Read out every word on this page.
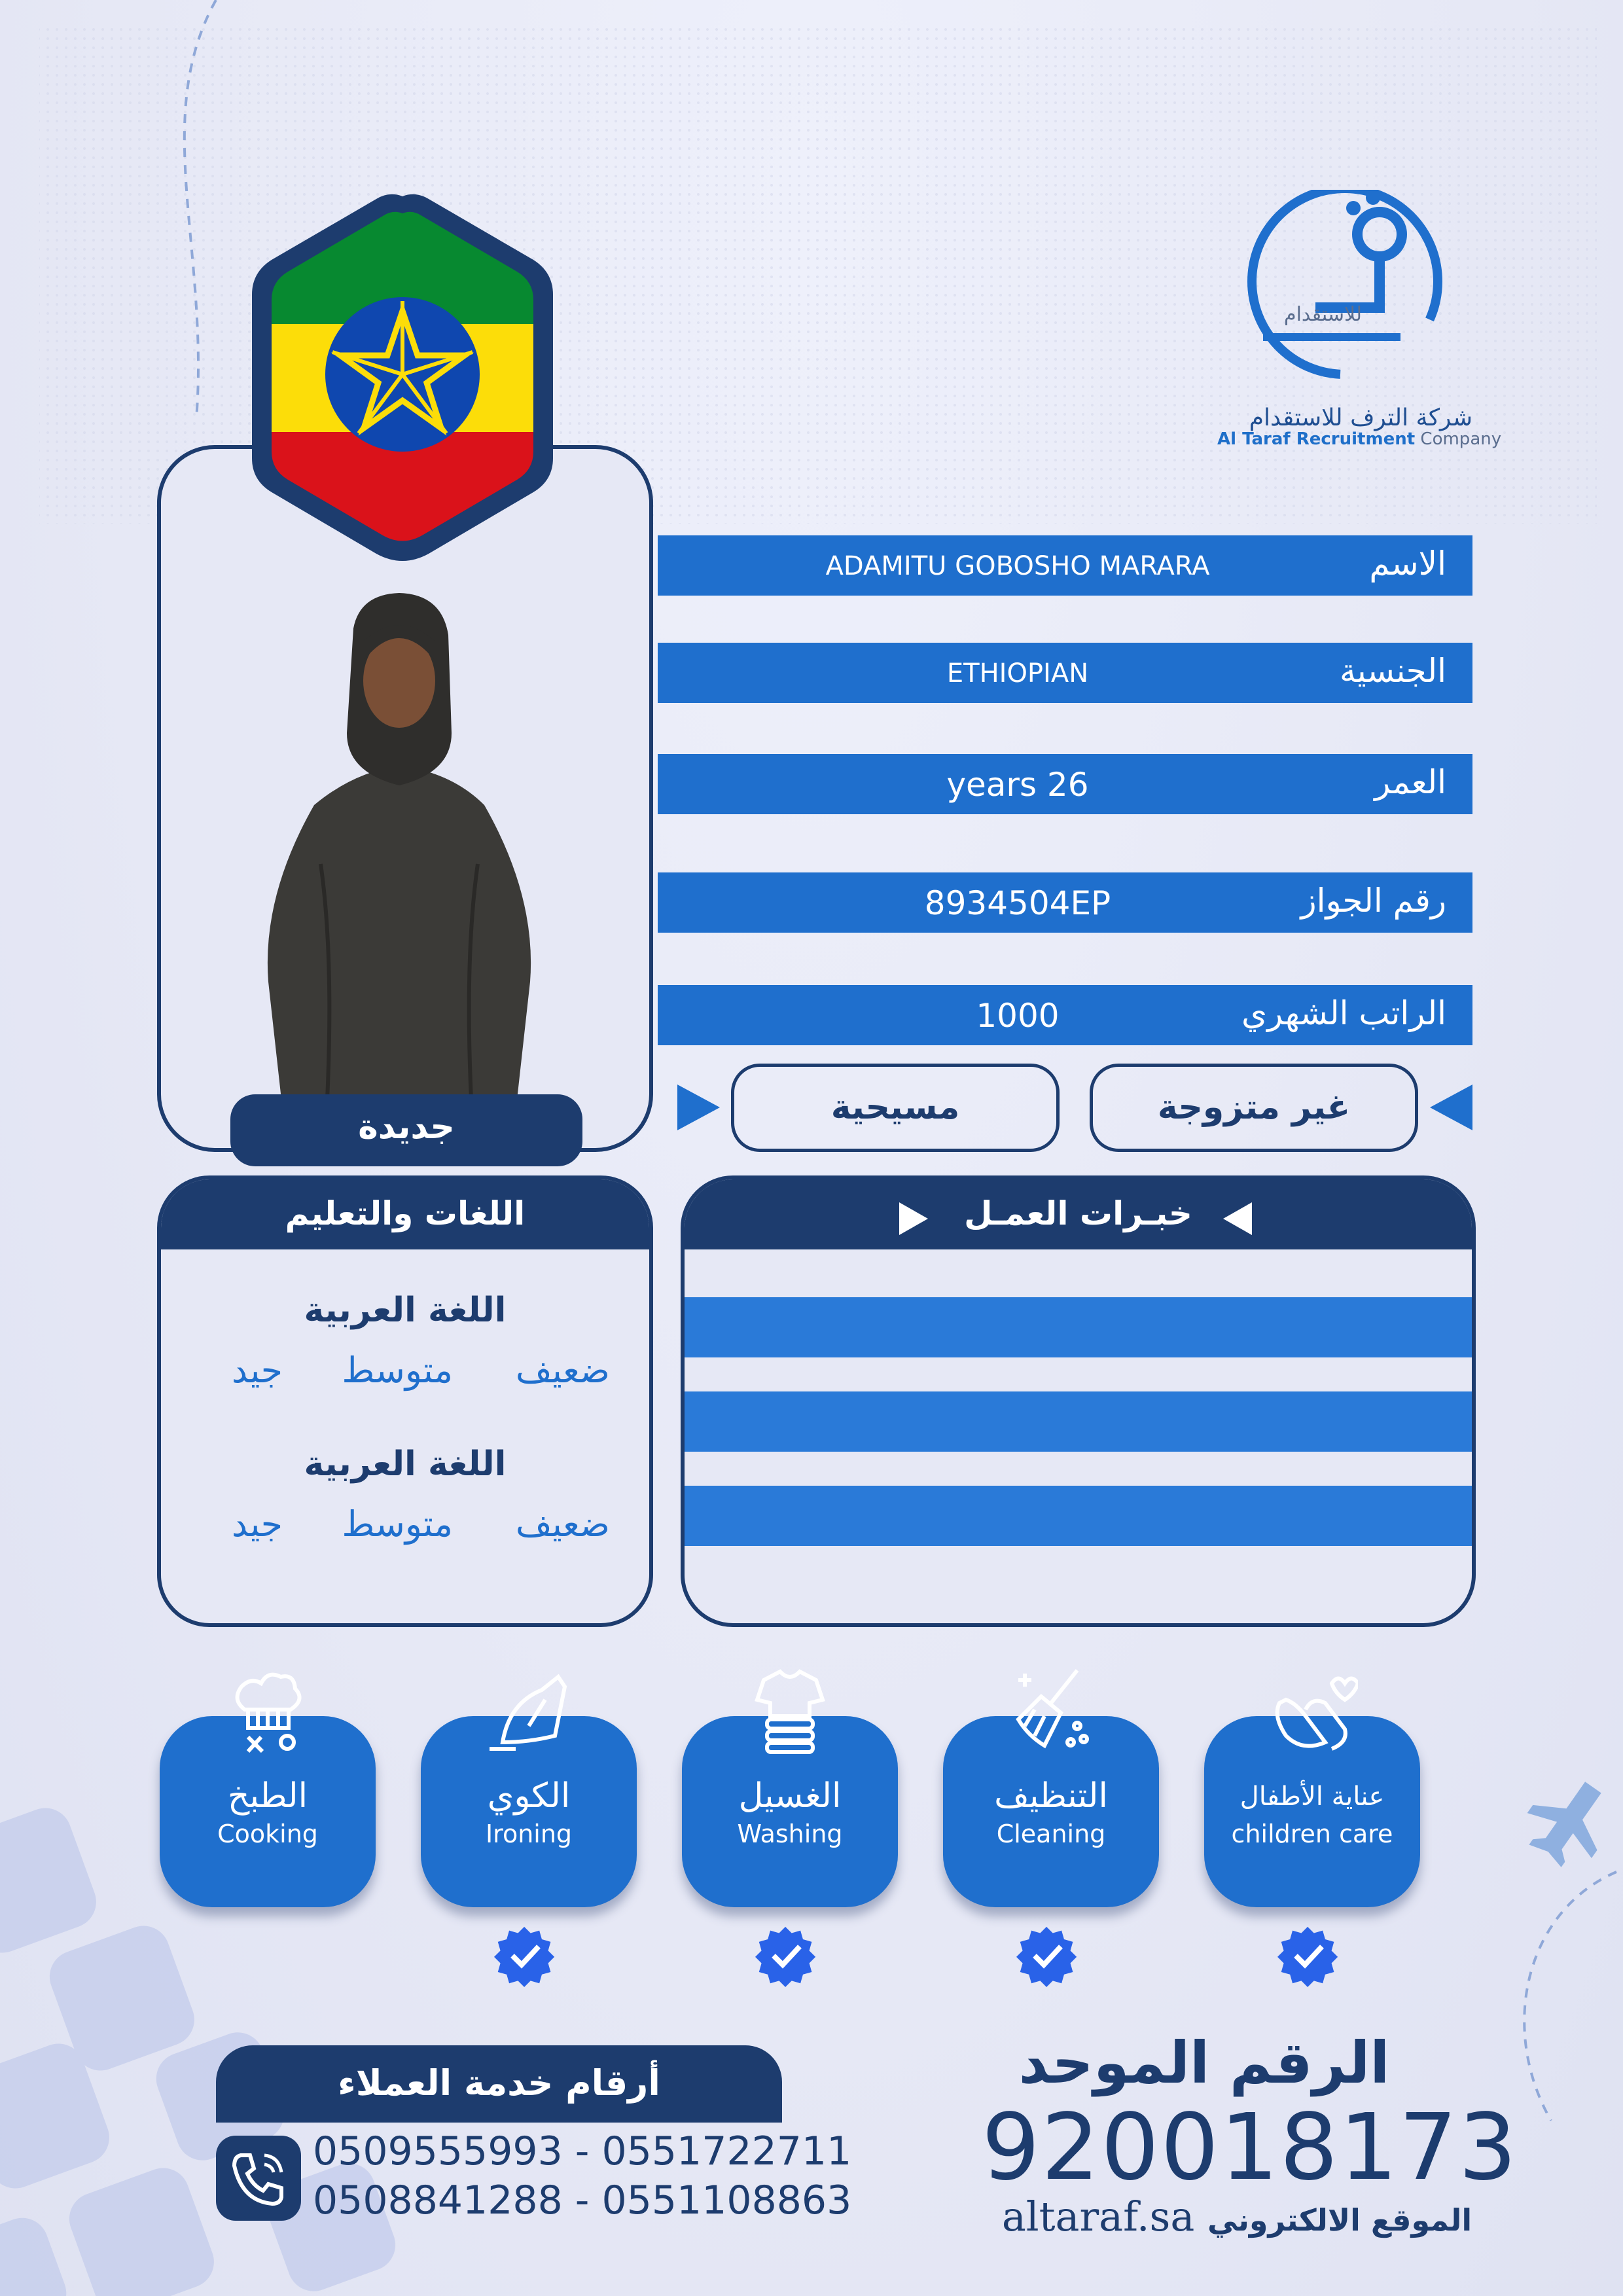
للاستقدام
شركة الترف للاستقدام
Al Taraf Recruitment Company
جديدة
الاسم
ADAMITU GOBOSHO MARARA
الجنسية
ETHIOPIAN
العمر
years 26
رقم الجواز
8934504EP
الراتب الشهري
1000
مسيحية	غير متزوجة
اللغات والتعليم
اللغة العربية
ضعيف
متوسط
جيد
اللغة العربية
ضعيف
متوسط
جيد
خبـرات العمـل
الطبخ
Cooking
الكوي
Ironing
الغسيل
Washing
التنظيف
Cleaning
عناية الأطفال
children care
أرقام خدمة العملاء
0509555993 - 0551722711
0508841288 - 0551108863
الرقم الموحد
920018173
altaraf.sa الموقع الالكتروني
